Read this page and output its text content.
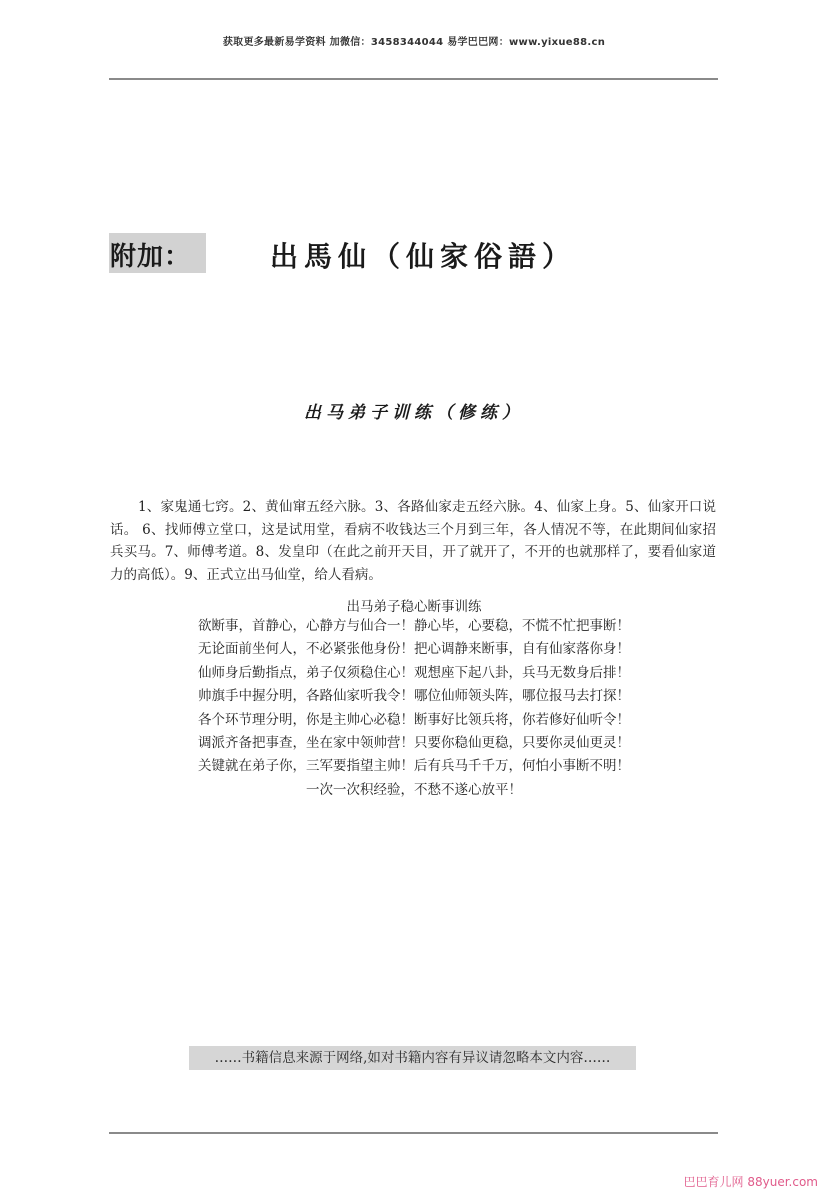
获取更多最新易学资料 加微信：3458344044 易学巴巴网：www.yixue88.cn
附加：	出馬仙（仙家俗語）
出马弟子训练（修练）

1、家鬼通七窍。2、黄仙窜五经六脉。3、各路仙家走五经六脉。4、仙家上身。5、仙家开口说话。 6、找师傅立堂口，这是试用堂，看病不收钱达三个月到三年，各人情况不等，在此期间仙家招兵买马。7、师傅考道。8、发皇印（在此之前开天目，开了就开了，不开的也就那样了，要看仙家道力的高低）。9、正式立出马仙堂，给人看病。

出马弟子稳心断事训练
欲断事，首静心，心静方与仙合一！静心毕，心要稳，不慌不忙把事断！
无论面前坐何人，不必紧张他身份！把心调静来断事，自有仙家落你身！
仙师身后勤指点，弟子仅须稳住心！观想座下起八卦，兵马无数身后排！
帅旗手中握分明，各路仙家听我令！哪位仙师领头阵，哪位报马去打探！
各个环节理分明，你是主帅心必稳！断事好比领兵将，你若修好仙听令！
调派齐备把事查，坐在家中领帅营！只要你稳仙更稳，只要你灵仙更灵！
关键就在弟子你，三军要指望主帅！后有兵马千千万，何怕小事断不明！
一次一次积经验，不愁不遂心放平！
……书籍信息来源于网络,如对书籍内容有异议请忽略本文内容……
巴巴育儿网 88yuer.com
